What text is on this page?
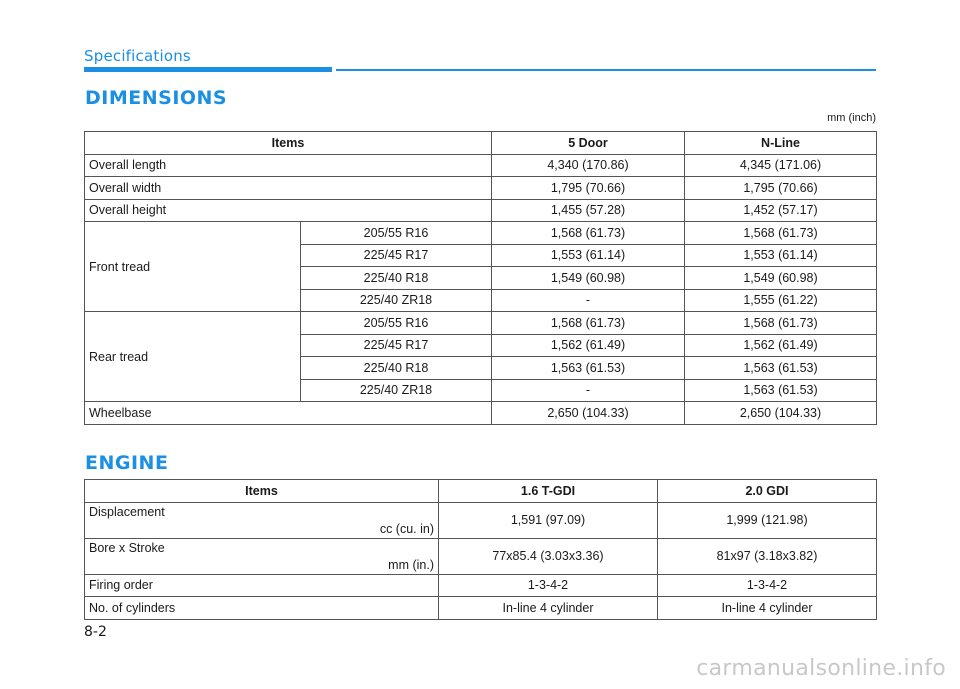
Specifications
DIMENSIONS
mm (inch)
Items		5 Door	N-Line
Overall length		4,340 (170.86)	4,345 (171.06)
Overall width		1,795 (70.66)	1,795 (70.66)
Overall height		1,455 (57.28)	1,452 (57.17)
Front tread	205/55 R16	1,568 (61.73)	1,568 (61.73)
	225/45 R17	1,553 (61.14)	1,553 (61.14)
	225/40 R18	1,549 (60.98)	1,549 (60.98)
	225/40 ZR18	-	1,555 (61.22)
Rear tread	205/55 R16	1,568 (61.73)	1,568 (61.73)
	225/45 R17	1,562 (61.49)	1,562 (61.49)
	225/40 R18	1,563 (61.53)	1,563 (61.53)
	225/40 ZR18	-	1,563 (61.53)
Wheelbase		2,650 (104.33)	2,650 (104.33)
ENGINE
Items	1.6 T-GDI	2.0 GDI

Displacement
cc (cu. in)	1,591 (97.09)	1,999 (121.98)

Bore x Stroke
mm (in.)	77x85.4 (3.03x3.36)	81x97 (3.18x3.82)
Firing order	1-3-4-2	1-3-4-2
No. of cylinders	In-line 4 cylinder	In-line 4 cylinder
8-2
carmanualsonline.info
